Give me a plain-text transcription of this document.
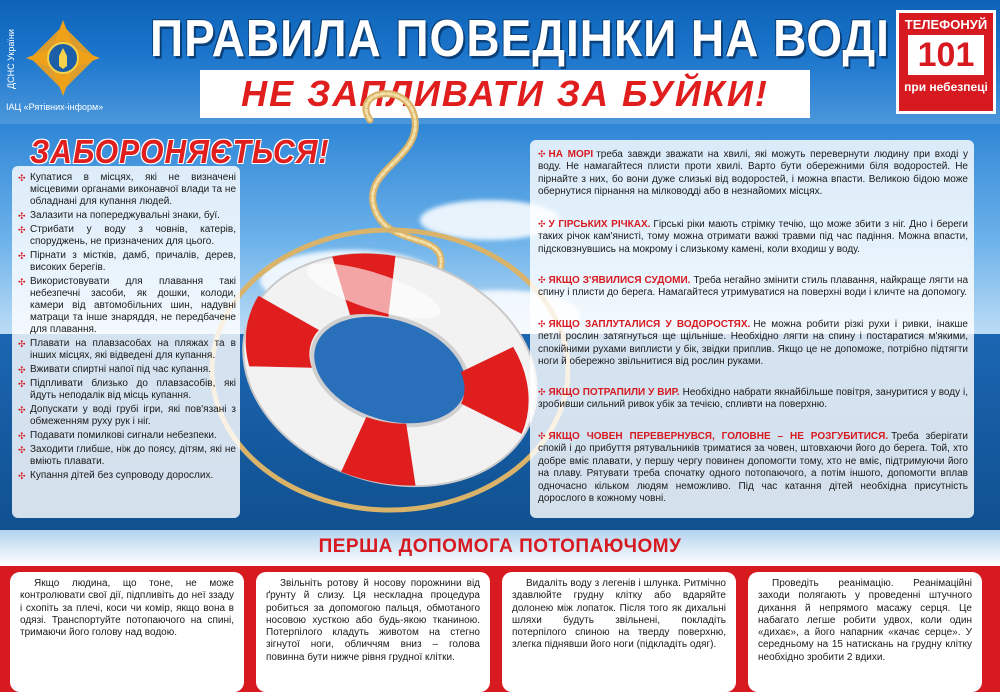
ДСНС України
ІАЦ «Рятівних-інформ»
ПРАВИЛА ПОВЕДІНКИ НА ВОДІ
НЕ ЗАПЛИВАТИ ЗА БУЙКИ!
ТЕЛЕФОНУЙ
101
при небезпеці
ЗАБОРОНЯЄТЬСЯ!
✣ Купатися в місцях, які не визначені місцевими органами виконавчої влади та не обладнані для купання людей.
✣ Залазити на попереджувальні знаки, буї.
✣ Стрибати у воду з човнів, катерів, споруджень, не призначених для цього.
✣ Пірнати з містків, дамб, причалів, дерев, високих берегів.
✣ Використовувати для плавання такі небезпечні засоби, як дошки, колоди, камери від автомобільних шин, надувні матраци та інше знаряддя, не передбачене для плавання.
✣ Плавати на плавзасобах на пляжах та в інших місцях, які відведені для купання.
✣ Вживати спиртні напої під час купання.
✣ Підпливати близько до плавзасобів, які йдуть неподалік від місць купання.
✣ Допускати у воді грубі ігри, які пов'язані з обмеженням руху рук і ніг.
✣ Подавати помилкові сигнали небезпеки.
✣ Заходити глибше, ніж до поясу, дітям, які не вміють плавати.
✣ Купання дітей без супроводу дорослих.
✣ НА МОРІ треба завжди зважати на хвилі, які можуть перевернути людину при вході у воду. Не намагайтеся плисти проти хвилі. Варто бути обережними біля водоростей. Не пірнайте з них, бо вони дуже слизькі від водоростей, і можна впасти. Великою бідою може обернутися пірнання на мілководді або в незнайомих місцях.
✣ У ГІРСЬКИХ РІЧКАХ. Гірські ріки мають стрімку течію, що може збити з ніг. Дно і береги таких річок кам'янисті, тому можна отримати важкі травми під час падіння. Можна впасти, підсковзнувшись на мокрому і слизькому камені, коли входиш у воду.
✣ ЯКЩО З'ЯВИЛИСЯ СУДОМИ. Треба негайно змінити стиль плавання, найкраще лягти на спину і плисти до берега. Намагайтеся утримуватися на поверхні води і кличте на допомогу.
✣ ЯКЩО ЗАПЛУТАЛИСЯ У ВОДОРОСТЯХ. Не можна робити різкі рухи і ривки, інакше петлі рослин затягнуться ще щільніше. Необхідно лягти на спину і постаратися м'якими, спокійними рухами виплисти у бік, звідки приплив. Якщо це не допоможе, потрібно підтягти ноги й обережно звільнитися від рослин руками.
✣ ЯКЩО ПОТРАПИЛИ У ВИР. Необхідно набрати якнайбільше повітря, зануритися у воду і, зробивши сильний ривок убік за течією, спливти на поверхню.
✣ ЯКЩО ЧОВЕН ПЕРЕВЕРНУВСЯ, ГОЛОВНЕ – НЕ РОЗГУБИТИСЯ. Треба зберігати спокій і до прибуття рятувальників триматися за човен, штовхаючи його до берега. Той, хто добре вміє плавати, у першу чергу повинен допомогти тому, хто не вміє, підтримуючи його на плаву. Рятувати треба спочатку одного потопаючого, а потім іншого, допомогти вплав одночасно кільком людям неможливо. Під час катання дітей необхідна присутність дорослого в кожному човні.
ПЕРША ДОПОМОГА ПОТОПАЮЧОМУ
Якщо людина, що тоне, не може контролювати свої дії, підпливіть до неї ззаду і схопіть за плечі, коси чи комір, якщо вона в одязі. Транспортуйте потопаючого на спині, тримаючи його голову над водою.
Звільніть ротову й носову порожнини від ґрунту й слизу. Ця нескладна процедура робиться за допомогою пальця, обмотаного носовою хусткою або будь-якою тканиною. Потерпілого кладуть животом на стегно зігнутої ноги, обличчям вниз – голова повинна бути нижче рівня грудної клітки.
Видаліть воду з легенів і шлунка. Ритмічно здавлюйте грудну клітку або вдаряйте долонею між лопаток. Після того як дихальні шляхи будуть звільнені, покладіть потерпілого спиною на тверду поверхню, злегка піднявши його ноги (підкладіть одяг).
Проведіть реанімацію. Реанімаційні заходи полягають у проведенні штучного дихання й непрямого масажу серця. Це набагато легше робити удвох, коли один «дихає», а його напарник «качає серце». У середньому на 15 натискань на грудну клітку необхідно зробити 2 вдихи.
